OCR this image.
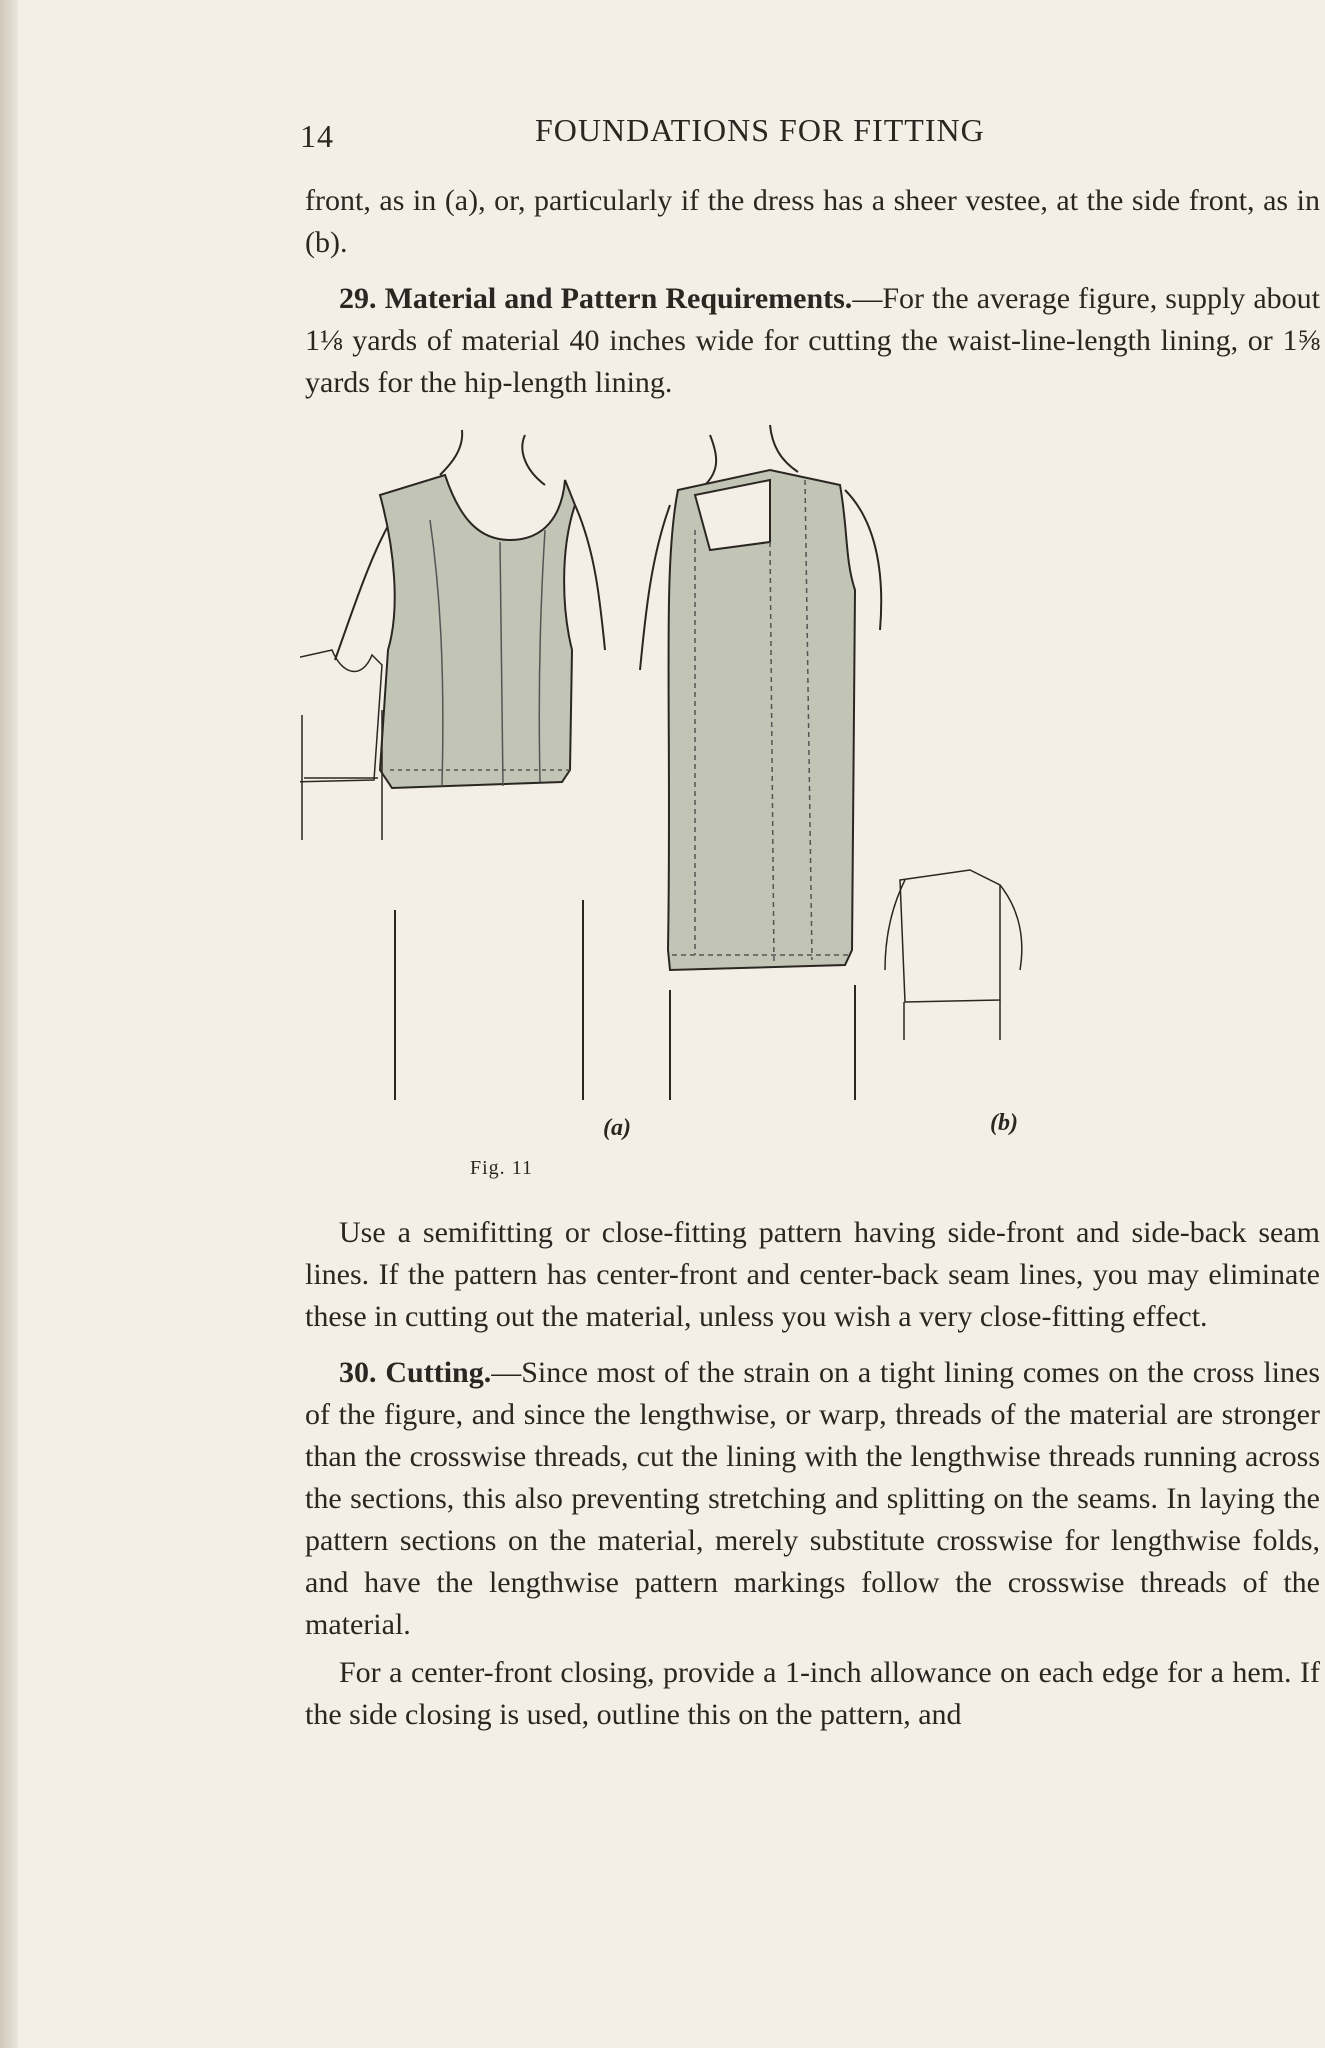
14	FOUNDATIONS FOR FITTING

front, as in (a), or, particularly if the dress has a sheer vestee, at the side front, as in (b).

29. Material and Pattern Requirements.—For the average figure, supply about 1⅛ yards of material 40 inches wide for cutting the waist-line-length lining, or 1⅝ yards for the hip-length lining.

(a)	(b)
Fig. 11

Use a semifitting or close-fitting pattern having side-front and side-back seam lines. If the pattern has center-front and center-back seam lines, you may eliminate these in cutting out the material, unless you wish a very close-fitting effect.

30. Cutting.—Since most of the strain on a tight lining comes on the cross lines of the figure, and since the lengthwise, or warp, threads of the material are stronger than the crosswise threads, cut the lining with the lengthwise threads running across the sections, this also preventing stretching and splitting on the seams. In laying the pattern sections on the material, merely substitute crosswise for lengthwise folds, and have the lengthwise pattern markings follow the crosswise threads of the material.

For a center-front closing, provide a 1-inch allowance on each edge for a hem. If the side closing is used, outline this on the pattern, and
